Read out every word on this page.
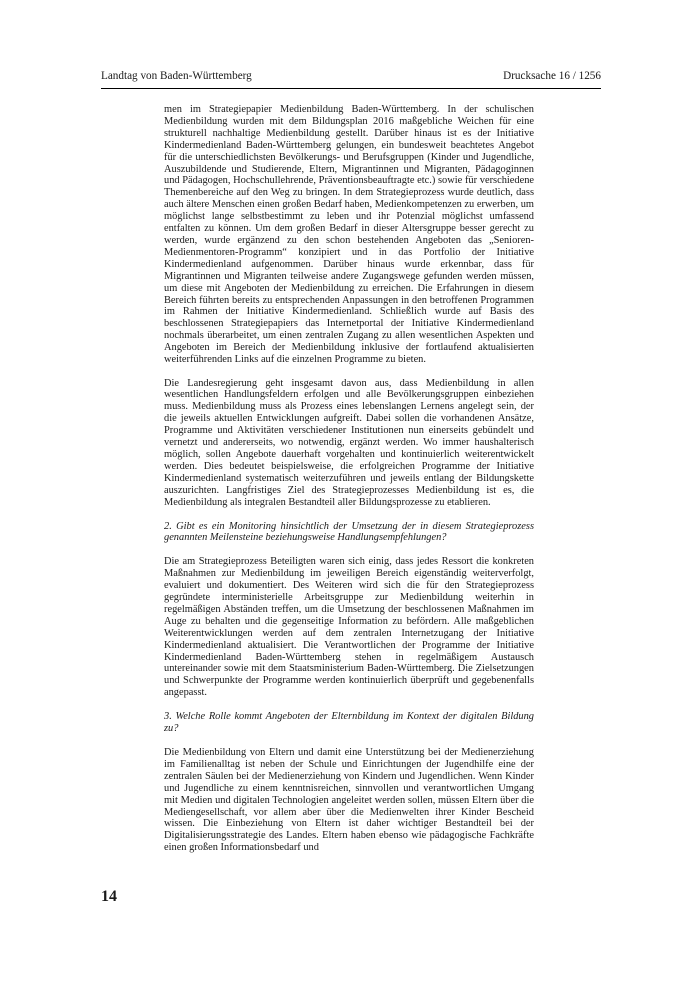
Landtag von Baden-Württemberg	Drucksache 16 / 1256

men im Strategiepapier Medienbildung Baden-Württemberg. In der schulischen Medienbildung wurden mit dem Bildungsplan 2016 maßgebliche Weichen für eine strukturell nachhaltige Medienbildung gestellt. Darüber hinaus ist es der Initiative Kindermedienland Baden-Württemberg gelungen, ein bundesweit beachtetes Angebot für die unterschiedlichsten Bevölkerungs- und Berufsgruppen (Kinder und Jugendliche, Auszubildende und Studierende, Eltern, Migrantinnen und Migranten, Pädagoginnen und Pädagogen, Hochschullehrende, Präventionsbeauftragte etc.) sowie für verschiedene Themenbereiche auf den Weg zu bringen. In dem Strategieprozess wurde deutlich, dass auch ältere Menschen einen großen Bedarf haben, Medienkompetenzen zu erwerben, um möglichst lange selbstbestimmt zu leben und ihr Potenzial möglichst umfassend entfalten zu können. Um dem großen Bedarf in dieser Altersgruppe besser gerecht zu werden, wurde ergänzend zu den schon bestehenden Angeboten das „Senioren-Medienmentoren-Programm“ konzipiert und in das Portfolio der Initiative Kindermedienland aufgenommen. Darüber hinaus wurde erkennbar, dass für Migrantinnen und Migranten teilweise andere Zugangswege gefunden werden müssen, um diese mit Angeboten der Medienbildung zu erreichen. Die Erfahrungen in diesem Bereich führten bereits zu entsprechenden Anpassungen in den betroffenen Programmen im Rahmen der Initiative Kindermedienland. Schließlich wurde auf Basis des beschlossenen Strategiepapiers das Internetportal der Initiative Kindermedienland nochmals überarbeitet, um einen zentralen Zugang zu allen wesentlichen Aspekten und Angeboten im Bereich der Medienbildung inklusive der fortlaufend aktualisierten weiterführenden Links auf die einzelnen Programme zu bieten.

Die Landesregierung geht insgesamt davon aus, dass Medienbildung in allen wesentlichen Handlungsfeldern erfolgen und alle Bevölkerungsgruppen einbeziehen muss. Medienbildung muss als Prozess eines lebenslangen Lernens angelegt sein, der die jeweils aktuellen Entwicklungen aufgreift. Dabei sollen die vorhandenen Ansätze, Programme und Aktivitäten verschiedener Institutionen nun einerseits gebündelt und vernetzt und andererseits, wo notwendig, ergänzt werden. Wo immer haushalterisch möglich, sollen Angebote dauerhaft vorgehalten und kontinuierlich weiterentwickelt werden. Dies bedeutet beispielsweise, die erfolgreichen Programme der Initiative Kindermedienland systematisch weiterzuführen und jeweils entlang der Bildungskette auszurichten. Langfristiges Ziel des Strategieprozesses Medienbildung ist es, die Medienbildung als integralen Bestandteil aller Bildungsprozesse zu etablieren.

2. Gibt es ein Monitoring hinsichtlich der Umsetzung der in diesem Strategieprozess genannten Meilensteine beziehungsweise Handlungsempfehlungen?

Die am Strategieprozess Beteiligten waren sich einig, dass jedes Ressort die konkreten Maßnahmen zur Medienbildung im jeweiligen Bereich eigenständig weiterverfolgt, evaluiert und dokumentiert. Des Weiteren wird sich die für den Strategieprozess gegründete interministerielle Arbeitsgruppe zur Medienbildung weiterhin in regelmäßigen Abständen treffen, um die Umsetzung der beschlossenen Maßnahmen im Auge zu behalten und die gegenseitige Information zu befördern. Alle maßgeblichen Weiterentwicklungen werden auf dem zentralen Internetzugang der Initiative Kindermedienland aktualisiert. Die Verantwortlichen der Programme der Initiative Kindermedienland Baden-Württemberg stehen in regelmäßigem Austausch untereinander sowie mit dem Staatsministerium Baden-Württemberg. Die Zielsetzungen und Schwerpunkte der Programme werden kontinuierlich überprüft und gegebenenfalls angepasst.

3. Welche Rolle kommt Angeboten der Elternbildung im Kontext der digitalen Bildung zu?

Die Medienbildung von Eltern und damit eine Unterstützung bei der Medienerziehung im Familienalltag ist neben der Schule und Einrichtungen der Jugendhilfe eine der zentralen Säulen bei der Medienerziehung von Kindern und Jugendlichen. Wenn Kinder und Jugendliche zu einem kenntnisreichen, sinnvollen und verantwortlichen Umgang mit Medien und digitalen Technologien angeleitet werden sollen, müssen Eltern über die Mediengesellschaft, vor allem aber über die Medienwelten ihrer Kinder Bescheid wissen. Die Einbeziehung von Eltern ist daher wichtiger Bestandteil bei der Digitalisierungsstrategie des Landes. Eltern haben ebenso wie pädagogische Fachkräfte einen großen Informationsbedarf und

14
